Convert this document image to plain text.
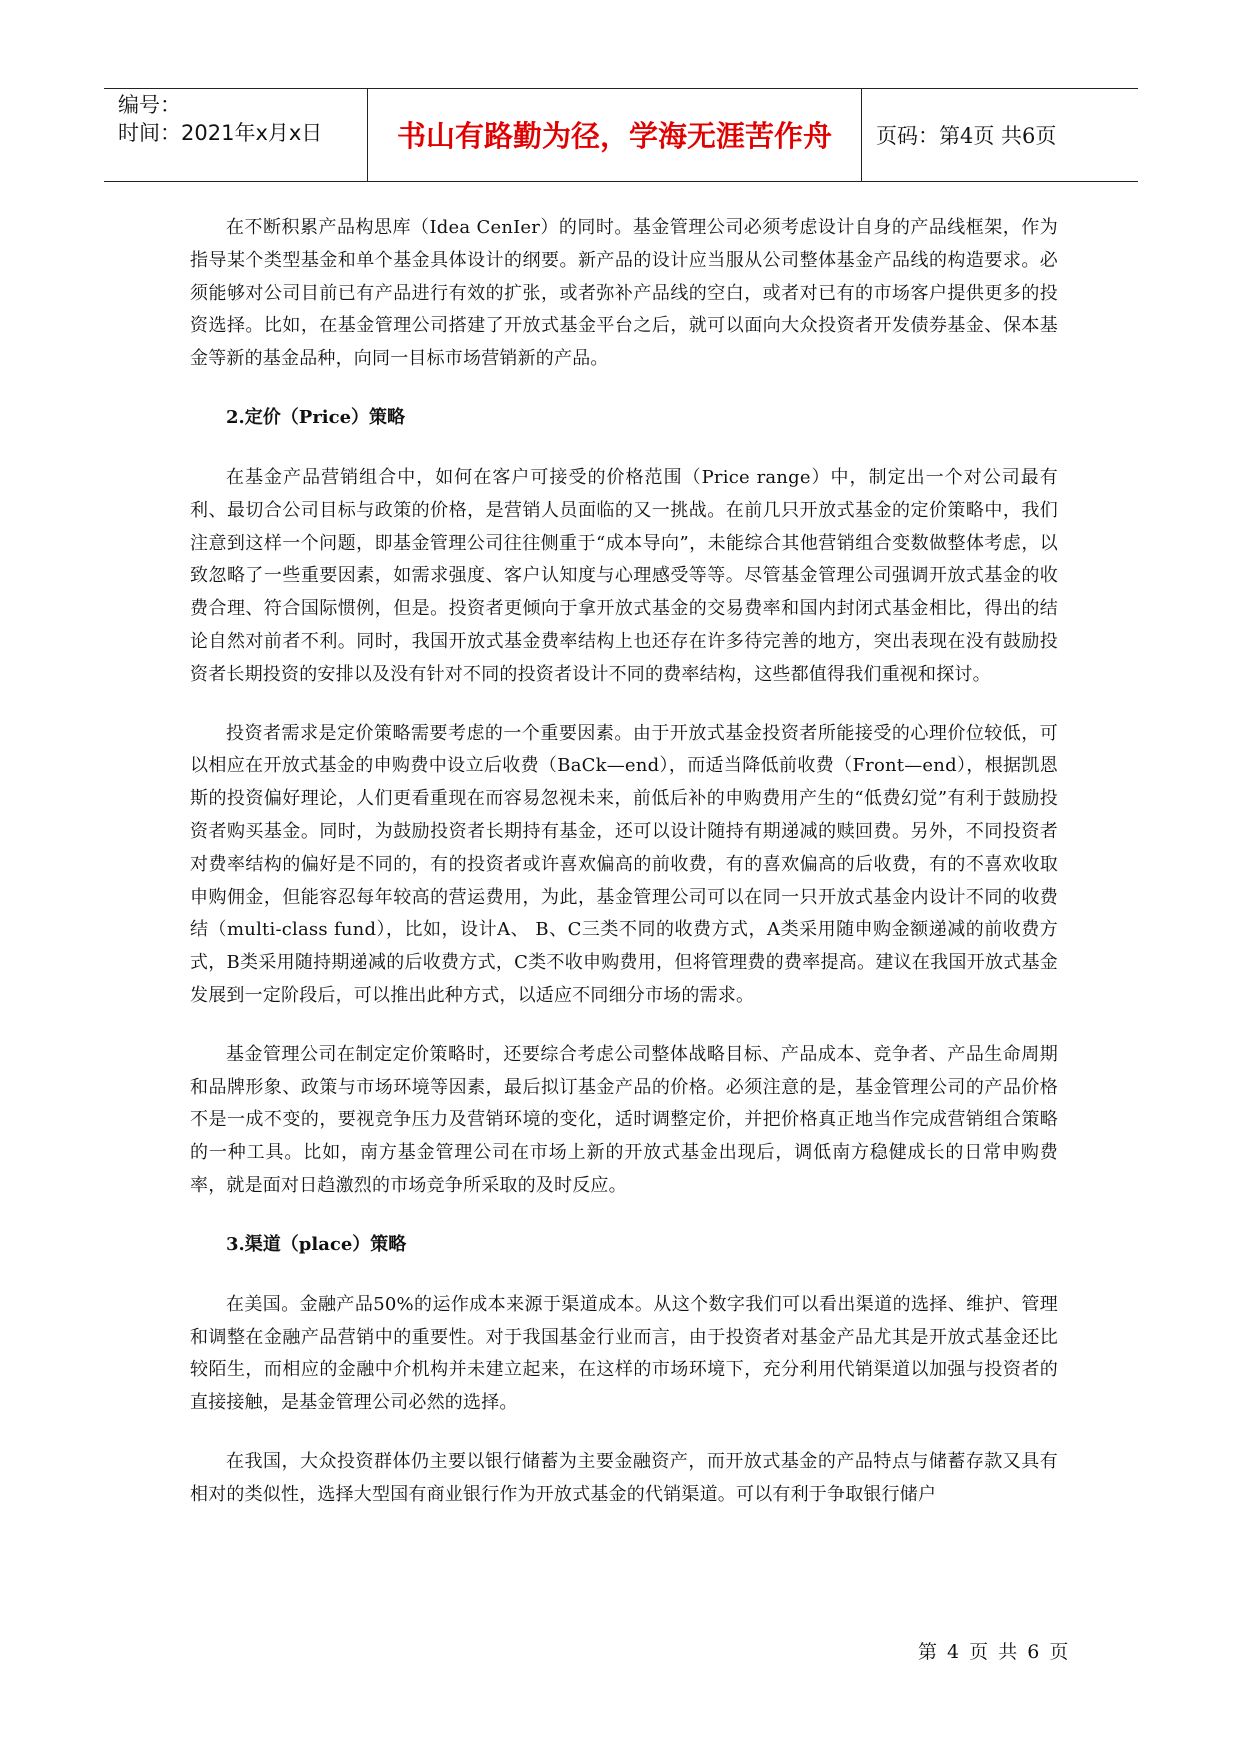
编号：
时间：2021年x月x日	书山有路勤为径，学海无涯苦作舟	页码：第4页 共6页

在不断积累产品构思库（Idea CenIer）的同时。基金管理公司必须考虑设计自身的产品线框架，作为指导某个类型基金和单个基金具体设计的纲要。新产品的设计应当服从公司整体基金产品线的构造要求。必须能够对公司目前已有产品进行有效的扩张，或者弥补产品线的空白，或者对已有的市场客户提供更多的投资选择。比如，在基金管理公司搭建了开放式基金平台之后，就可以面向大众投资者开发债券基金、保本基金等新的基金品种，向同一目标市场营销新的产品。

2.定价（Price）策略

在基金产品营销组合中，如何在客户可接受的价格范围（Price range）中，制定出一个对公司最有利、最切合公司目标与政策的价格，是营销人员面临的又一挑战。在前几只开放式基金的定价策略中，我们注意到这样一个问题，即基金管理公司往往侧重于“成本导向”，未能综合其他营销组合变数做整体考虑，以致忽略了一些重要因素，如需求强度、客户认知度与心理感受等等。尽管基金管理公司强调开放式基金的收费合理、符合国际惯例，但是。投资者更倾向于拿开放式基金的交易费率和国内封闭式基金相比，得出的结论自然对前者不利。同时，我国开放式基金费率结构上也还存在许多待完善的地方，突出表现在没有鼓励投资者长期投资的安排以及没有针对不同的投资者设计不同的费率结构，这些都值得我们重视和探讨。

投资者需求是定价策略需要考虑的一个重要因素。由于开放式基金投资者所能接受的心理价位较低，可以相应在开放式基金的申购费中设立后收费（BaCk—end），而适当降低前收费（Front—end），根据凯恩斯的投资偏好理论，人们更看重现在而容易忽视未来，前低后补的申购费用产生的“低费幻觉”有利于鼓励投资者购买基金。同时，为鼓励投资者长期持有基金，还可以设计随持有期递减的赎回费。另外，不同投资者对费率结构的偏好是不同的，有的投资者或许喜欢偏高的前收费，有的喜欢偏高的后收费，有的不喜欢收取申购佣金，但能容忍每年较高的营运费用，为此，基金管理公司可以在同一只开放式基金内设计不同的收费结（multi-class fund），比如，设计A、 B、C三类不同的收费方式，A类采用随申购金额递减的前收费方式，B类采用随持期递减的后收费方式，C类不收申购费用，但将管理费的费率提高。建议在我国开放式基金发展到一定阶段后，可以推出此种方式，以适应不同细分市场的需求。

基金管理公司在制定定价策略时，还要综合考虑公司整体战略目标、产品成本、竞争者、产品生命周期和品牌形象、政策与市场环境等因素，最后拟订基金产品的价格。必须注意的是，基金管理公司的产品价格不是一成不变的，要视竞争压力及营销环境的变化，适时调整定价，并把价格真正地当作完成营销组合策略的一种工具。比如，南方基金管理公司在市场上新的开放式基金出现后，调低南方稳健成长的日常申购费率，就是面对日趋激烈的市场竞争所采取的及时反应。

3.渠道（place）策略

在美国。金融产品50%的运作成本来源于渠道成本。从这个数字我们可以看出渠道的选择、维护、管理和调整在金融产品营销中的重要性。对于我国基金行业而言，由于投资者对基金产品尤其是开放式基金还比较陌生，而相应的金融中介机构并未建立起来，在这样的市场环境下，充分利用代销渠道以加强与投资者的直接接触，是基金管理公司必然的选择。

在我国，大众投资群体仍主要以银行储蓄为主要金融资产，而开放式基金的产品特点与储蓄存款又具有相对的类似性，选择大型国有商业银行作为开放式基金的代销渠道。可以有利于争取银行储户

第 4 页 共 6 页
